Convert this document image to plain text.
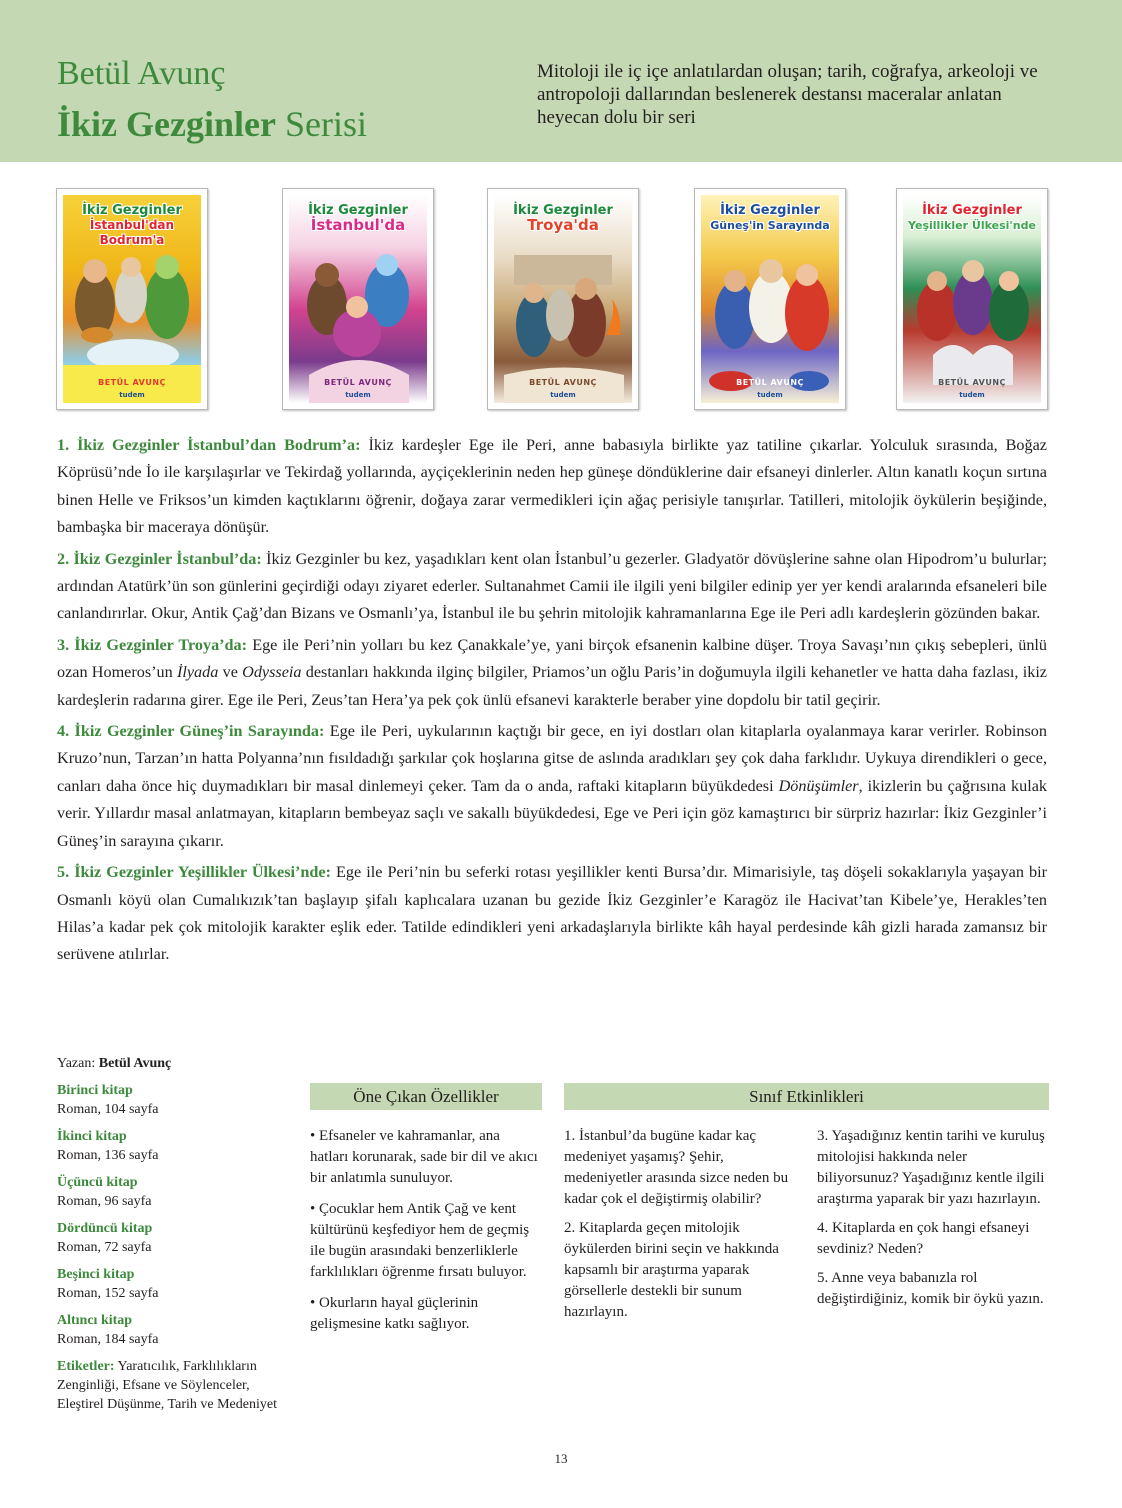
Betül Avunç
İkiz Gezginler Serisi
Mitoloji ile iç içe anlatılardan oluşan; tarih, coğrafya, arkeoloji ve antropoloji dallarından beslenerek destansı maceralar anlatan heyecan dolu bir seri
İkiz Gezginler
İstanbul'dan Bodrum'a
BETÜL AVUNÇ
tudem
İkiz Gezginler
İstanbul'da
BETÜL AVUNÇ
tudem
İkiz Gezginler
Troya'da
BETÜL AVUNÇ
tudem
İkiz Gezginler
Güneş'in Sarayında
BETÜL AVUNÇ
tudem
İkiz Gezginler
Yeşillikler Ülkesi'nde
BETÜL AVUNÇ
tudem

1. İkiz Gezginler İstanbul’dan Bodrum’a: İkiz kardeşler Ege ile Peri, anne babasıyla birlikte yaz tatiline çıkarlar. Yolculuk sırasında, Boğaz Köprüsü’nde İo ile karşılaşırlar ve Tekirdağ yollarında, ayçiçeklerinin neden hep güneşe döndüklerine dair efsaneyi dinlerler. Altın kanatlı koçun sırtına binen Helle ve Friksos’un kimden kaçtıklarını öğrenir, doğaya zarar vermedikleri için ağaç perisiyle tanışırlar. Tatilleri, mitolojik öykülerin beşiğinde, bambaşka bir maceraya dönüşür.

2. İkiz Gezginler İstanbul’da: İkiz Gezginler bu kez, yaşadıkları kent olan İstanbul’u gezerler. Gladyatör dövüşlerine sahne olan Hipodrom’u bulurlar; ardından Atatürk’ün son günlerini geçirdiği odayı ziyaret ederler. Sultanahmet Camii ile ilgili yeni bilgiler edinip yer yer kendi aralarında efsaneleri bile canlandırırlar. Okur, Antik Çağ’dan Bizans ve Osmanlı’ya, İstanbul ile bu şehrin mitolojik kahramanlarına Ege ile Peri adlı kardeşlerin gözünden bakar.

3. İkiz Gezginler Troya’da: Ege ile Peri’nin yolları bu kez Çanakkale’ye, yani birçok efsanenin kalbine düşer. Troya Savaşı’nın çıkış sebepleri, ünlü ozan Homeros’un İlyada ve Odysseia destanları hakkında ilginç bilgiler, Priamos’un oğlu Paris’in doğumuyla ilgili kehanetler ve hatta daha fazlası, ikiz kardeşlerin radarına girer. Ege ile Peri, Zeus’tan Hera’ya pek çok ünlü efsanevi karakterle beraber yine dopdolu bir tatil geçirir.

4. İkiz Gezginler Güneş’in Sarayında: Ege ile Peri, uykularının kaçtığı bir gece, en iyi dostları olan kitaplarla oyalanmaya karar verirler. Robinson Kruzo’nun, Tarzan’ın hatta Polyanna’nın fısıldadığı şarkılar çok hoşlarına gitse de aslında aradıkları şey çok daha farklıdır. Uykuya direndikleri o gece, canları daha önce hiç duymadıkları bir masal dinlemeyi çeker. Tam da o anda, raftaki kitapların büyükdedesi Dönüşümler, ikizlerin bu çağrısına kulak verir. Yıllardır masal anlatmayan, kitapların bembeyaz saçlı ve sakallı büyükdedesi, Ege ve Peri için göz kamaştırıcı bir sürpriz hazırlar: İkiz Gezginler’i Güneş’in sarayına çıkarır.

5. İkiz Gezginler Yeşillikler Ülkesi’nde: Ege ile Peri’nin bu seferki rotası yeşillikler kenti Bursa’dır. Mimarisiyle, taş döşeli sokaklarıyla yaşayan bir Osmanlı köyü olan Cumalıkızık’tan başlayıp şifalı kaplıcalara uzanan bu gezide İkiz Gezginler’e Karagöz ile Hacivat’tan Kibele’ye, Herakles’ten Hilas’a kadar pek çok mitolojik karakter eşlik eder. Tatilde edindikleri yeni arkadaşlarıyla birlikte kâh hayal perdesinde kâh gizli harada zamansız bir serüvene atılırlar.

Yazan: Betül Avunç
Birinci kitap
Roman, 104 sayfa
İkinci kitap
Roman, 136 sayfa
Üçüncü kitap
Roman, 96 sayfa
Dördüncü kitap
Roman, 72 sayfa
Beşinci kitap
Roman, 152 sayfa
Altıncı kitap
Roman, 184 sayfa
Etiketler: Yaratıcılık, Farklılıkların Zenginliği, Efsane ve Söylenceler, Eleştirel Düşünme, Tarih ve Medeniyet
Öne Çıkan Özellikler

• Efsaneler ve kahramanlar, ana hatları korunarak, sade bir dil ve akıcı bir anlatımla sunuluyor.

• Çocuklar hem Antik Çağ ve kent kültürünü keşfediyor hem de geçmiş ile bugün arasındaki benzerliklerle farklılıkları öğrenme fırsatı buluyor.

• Okurların hayal güçlerinin gelişmesine katkı sağlıyor.

Sınıf Etkinlikleri

1. İstanbul’da bugüne kadar kaç medeniyet yaşamış? Şehir, medeniyetler arasında sizce neden bu kadar çok el değiştirmiş olabilir?

2. Kitaplarda geçen mitolojik öykülerden birini seçin ve hakkında kapsamlı bir araştırma yaparak görsellerle destekli bir sunum hazırlayın.

3. Yaşadığınız kentin tarihi ve kuruluş mitolojisi hakkında neler biliyorsunuz? Yaşadığınız kentle ilgili araştırma yaparak bir yazı hazırlayın.

4. Kitaplarda en çok hangi efsaneyi sevdiniz? Neden?

5. Anne veya babanızla rol değiştirdiğiniz, komik bir öykü yazın.

13
